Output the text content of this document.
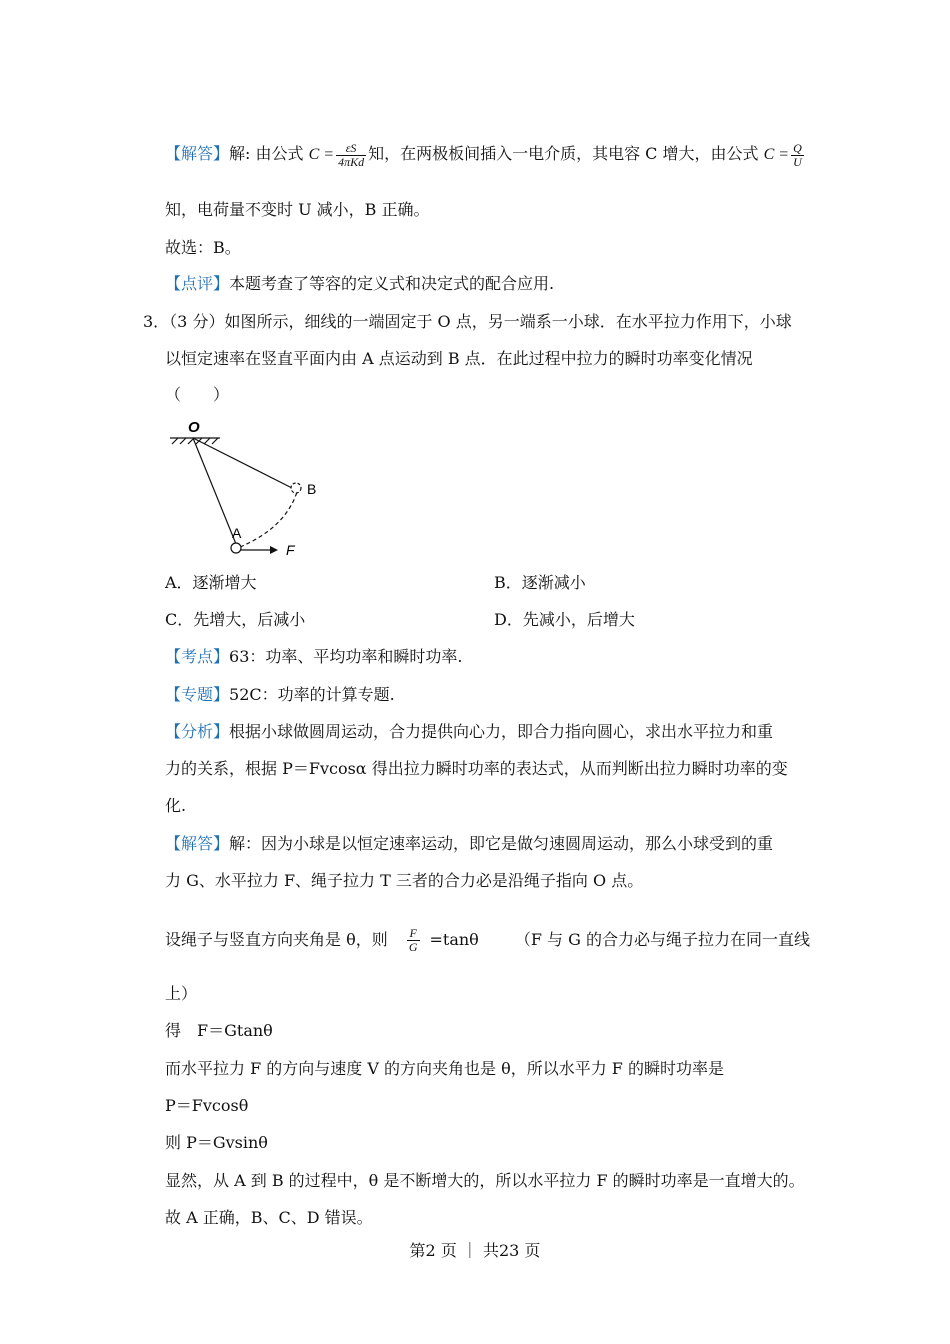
【解答】解: 由公式 $C = \frac{\varepsilon S}{\text{4πKd}}$ 知，在两极板间插入一电介质，其电容 C 增大，由公式 $C = \frac{Q}{U}$
知，电荷量不变时 U 减小，B 正确。
故选：B。
【点评】本题考查了等容的定义式和决定式的配合应用.
3．（3 分）如图所示，细线的一端固定于 O 点，另一端系一小球．在水平拉力作用下，小球
以恒定速率在竖直平面内由 A 点运动到 B 点．在此过程中拉力的瞬时功率变化情况
（　　）
O
A
B
F
A．逐渐增大	B．逐渐减小
C．先增大，后减小	D．先减小，后增大
【考点】63：功率、平均功率和瞬时功率.
【专题】52C：功率的计算专题.
【分析】根据小球做圆周运动，合力提供向心力，即合力指向圆心，求出水平拉力和重
力的关系，根据 P＝Fvcosα 得出拉力瞬时功率的表达式，从而判断出拉力瞬时功率的变
化.
【解答】解：因为小球是以恒定速率运动，即它是做匀速圆周运动，那么小球受到的重
力 G、水平拉力 F、绳子拉力 T 三者的合力必是沿绳子指向 O 点。
设绳子与竖直方向夹角是 θ，则 $\frac{F}{G} =\tan\theta$ （F 与 G 的合力必与绳子拉力在同一直线
上）
得　F＝Gtanθ
而水平拉力 F 的方向与速度 V 的方向夹角也是 θ，所以水平力 F 的瞬时功率是
P＝Fvcosθ
则 P＝Gvsinθ
显然，从 A 到 B 的过程中，θ 是不断增大的，所以水平拉力 F 的瞬时功率是一直增大的。
故 A 正确，B、C、D 错误。
第2 页 ｜ 共23 页
